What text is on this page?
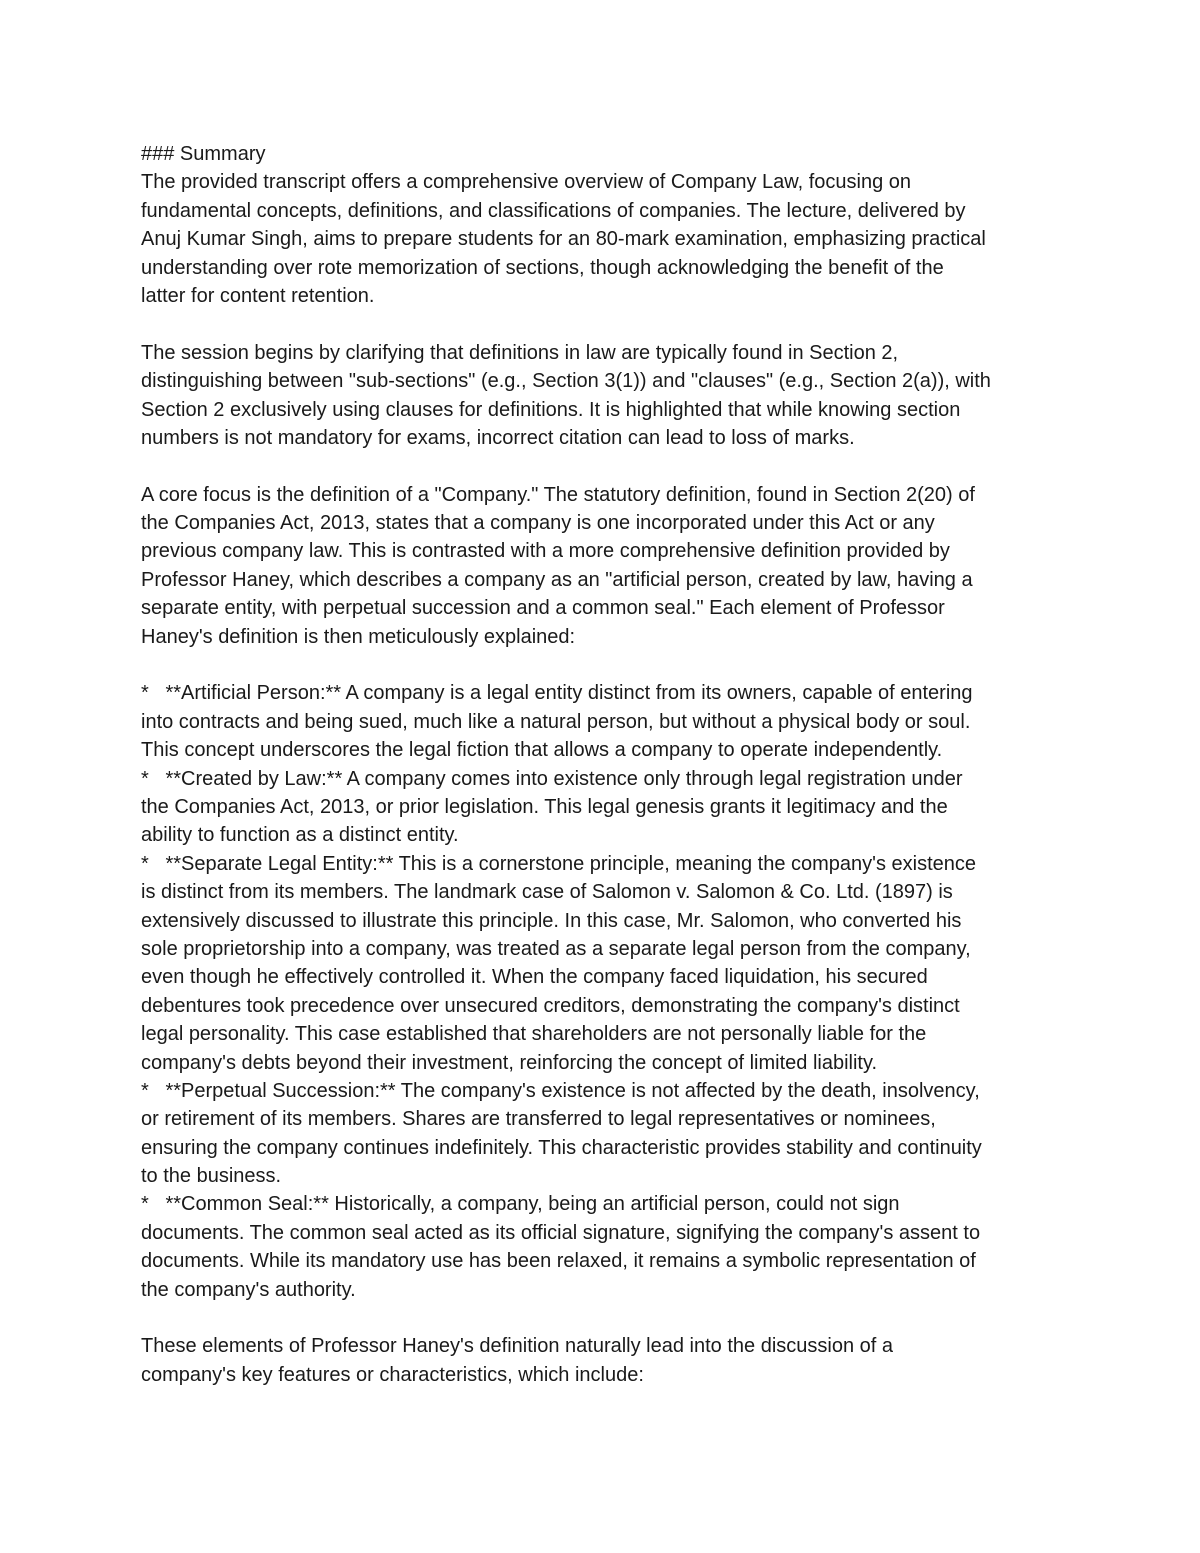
### Summary
The provided transcript offers a comprehensive overview of Company Law, focusing on
fundamental concepts, definitions, and classifications of companies. The lecture, delivered by
Anuj Kumar Singh, aims to prepare students for an 80-mark examination, emphasizing practical
understanding over rote memorization of sections, though acknowledging the benefit of the
latter for content retention.
The session begins by clarifying that definitions in law are typically found in Section 2,
distinguishing between "sub-sections" (e.g., Section 3(1)) and "clauses" (e.g., Section 2(a)), with
Section 2 exclusively using clauses for definitions. It is highlighted that while knowing section
numbers is not mandatory for exams, incorrect citation can lead to loss of marks.
A core focus is the definition of a "Company." The statutory definition, found in Section 2(20) of
the Companies Act, 2013, states that a company is one incorporated under this Act or any
previous company law. This is contrasted with a more comprehensive definition provided by
Professor Haney, which describes a company as an "artificial person, created by law, having a
separate entity, with perpetual succession and a common seal." Each element of Professor
Haney's definition is then meticulously explained:
*   **Artificial Person:** A company is a legal entity distinct from its owners, capable of entering
into contracts and being sued, much like a natural person, but without a physical body or soul.
This concept underscores the legal fiction that allows a company to operate independently.
*   **Created by Law:** A company comes into existence only through legal registration under
the Companies Act, 2013, or prior legislation. This legal genesis grants it legitimacy and the
ability to function as a distinct entity.
*   **Separate Legal Entity:** This is a cornerstone principle, meaning the company's existence
is distinct from its members. The landmark case of Salomon v. Salomon & Co. Ltd. (1897) is
extensively discussed to illustrate this principle. In this case, Mr. Salomon, who converted his
sole proprietorship into a company, was treated as a separate legal person from the company,
even though he effectively controlled it. When the company faced liquidation, his secured
debentures took precedence over unsecured creditors, demonstrating the company's distinct
legal personality. This case established that shareholders are not personally liable for the
company's debts beyond their investment, reinforcing the concept of limited liability.
*   **Perpetual Succession:** The company's existence is not affected by the death, insolvency,
or retirement of its members. Shares are transferred to legal representatives or nominees,
ensuring the company continues indefinitely. This characteristic provides stability and continuity
to the business.
*   **Common Seal:** Historically, a company, being an artificial person, could not sign
documents. The common seal acted as its official signature, signifying the company's assent to
documents. While its mandatory use has been relaxed, it remains a symbolic representation of
the company's authority.
These elements of Professor Haney's definition naturally lead into the discussion of a
company's key features or characteristics, which include:
